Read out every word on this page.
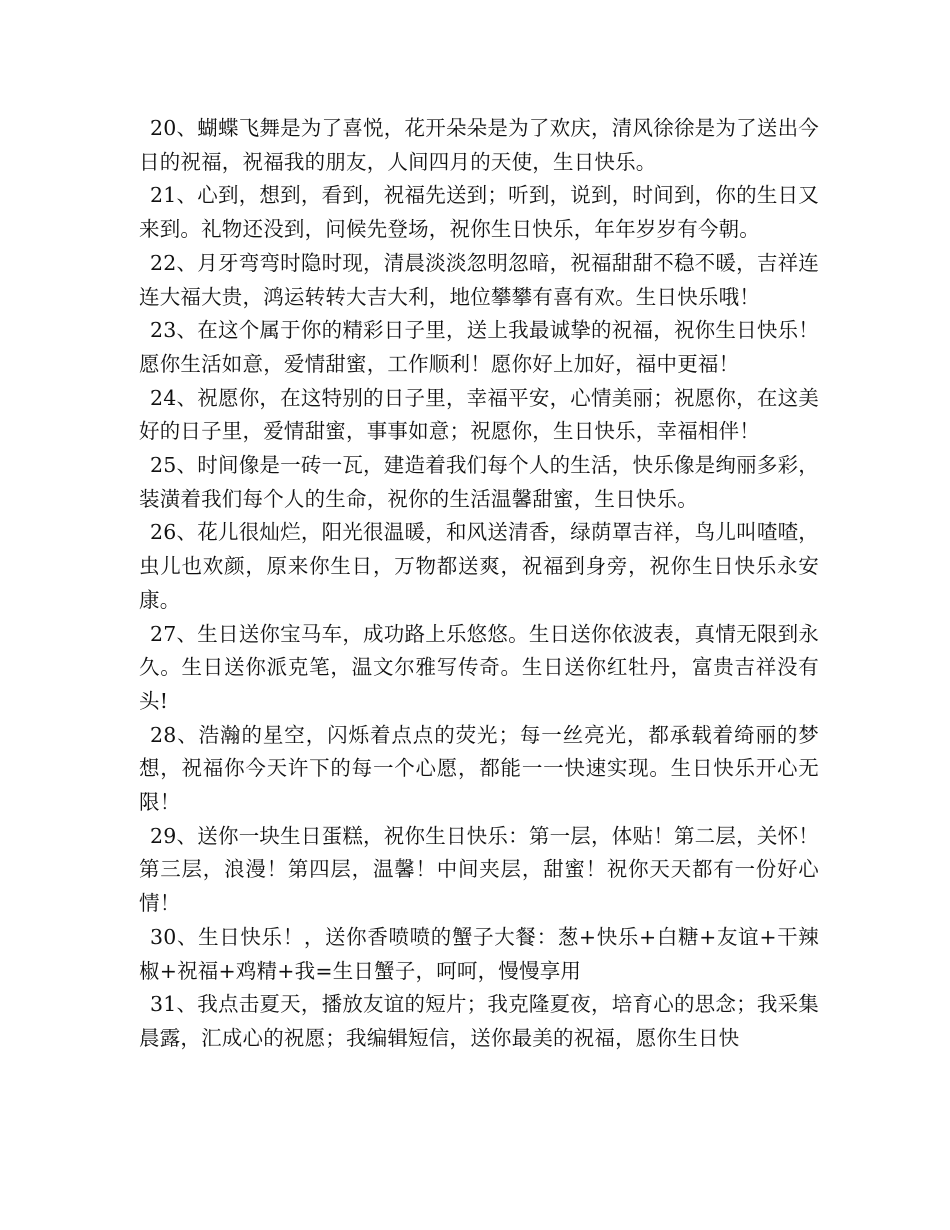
20、蝴蝶飞舞是为了喜悦，花开朵朵是为了欢庆，清风徐徐是为了送出今日的祝福，祝福我的朋友，人间四月的天使，生日快乐。

21、心到，想到，看到，祝福先送到；听到，说到，时间到，你的生日又来到。礼物还没到，问候先登场，祝你生日快乐，年年岁岁有今朝。

22、月牙弯弯时隐时现，清晨淡淡忽明忽暗，祝福甜甜不稳不暖，吉祥连连大福大贵，鸿运转转大吉大利，地位攀攀有喜有欢。生日快乐哦！

23、在这个属于你的精彩日子里，送上我最诚挚的祝福，祝你生日快乐！愿你生活如意，爱情甜蜜，工作顺利！愿你好上加好，福中更福！

24、祝愿你，在这特别的日子里，幸福平安，心情美丽；祝愿你，在这美好的日子里，爱情甜蜜，事事如意；祝愿你，生日快乐，幸福相伴！

25、时间像是一砖一瓦，建造着我们每个人的生活，快乐像是绚丽多彩，装潢着我们每个人的生命，祝你的生活温馨甜蜜，生日快乐。

26、花儿很灿烂，阳光很温暖，和风送清香，绿荫罩吉祥，鸟儿叫喳喳，虫儿也欢颜，原来你生日，万物都送爽，祝福到身旁，祝你生日快乐永安康。

27、生日送你宝马车，成功路上乐悠悠。生日送你依波表，真情无限到永久。生日送你派克笔，温文尔雅写传奇。生日送你红牡丹，富贵吉祥没有头!

28、浩瀚的星空，闪烁着点点的荧光；每一丝亮光，都承载着绮丽的梦想，祝福你今天许下的每一个心愿，都能一一快速实现。生日快乐开心无限！

29、送你一块生日蛋糕，祝你生日快乐：第一层，体贴！第二层，关怀！第三层，浪漫！第四层，温馨！中间夹层，甜蜜！祝你天天都有一份好心情！

30、生日快乐！，送你香喷喷的蟹子大餐：葱+快乐+白糖+友谊+干辣椒+祝福+鸡精+我=生日蟹子，呵呵，慢慢享用

31、我点击夏天，播放友谊的短片；我克隆夏夜，培育心的思念；我采集晨露，汇成心的祝愿；我编辑短信，送你最美的祝福，愿你生日快
